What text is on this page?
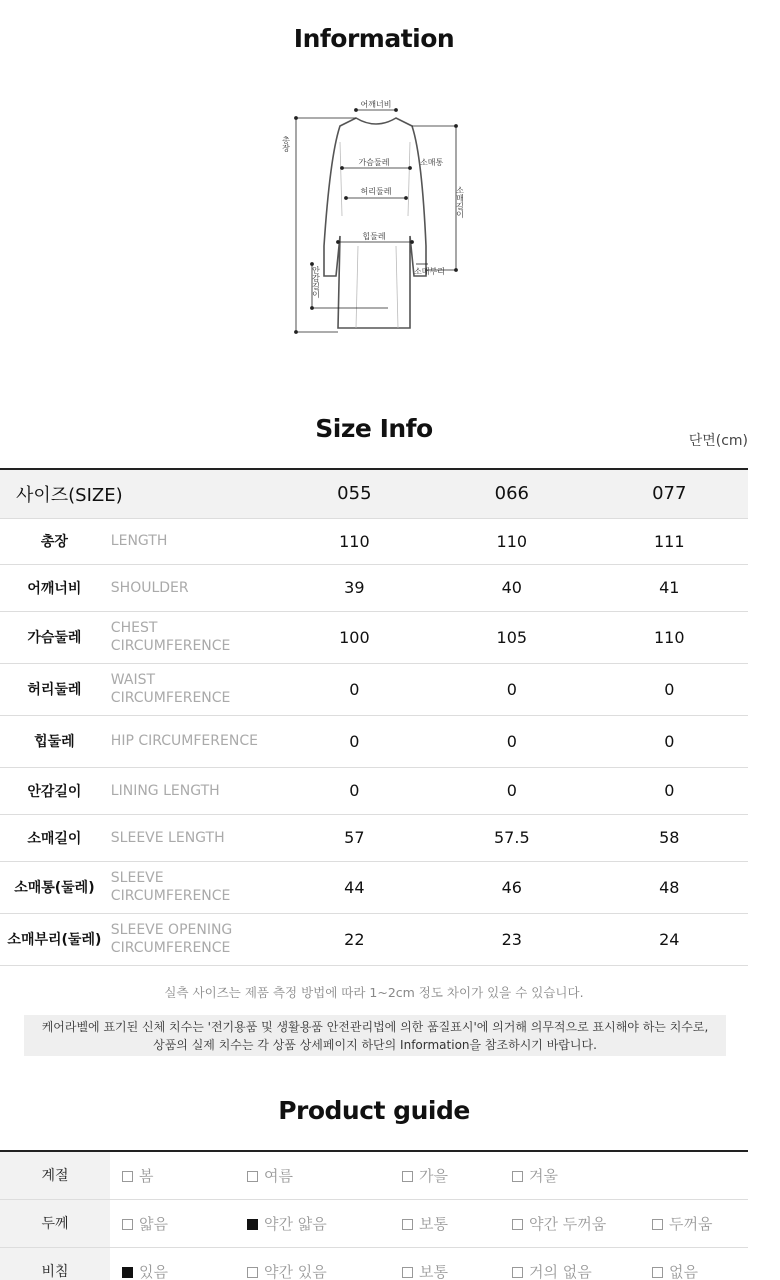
Information
어깨너비
총장
가슴둘레	소매통
허리둘레	소매길이
힙둘레
소매부리
안감길이
Size Info	단면(cm)
사이즈(SIZE)		055	066	077
총장	LENGTH	110	110	111
어깨너비	SHOULDER	39	40	41
가슴둘레	CHEST CIRCUMFERENCE	100	105	110
허리둘레	WAIST CIRCUMFERENCE	0	0	0
힙둘레	HIP CIRCUMFERENCE	0	0	0
안감길이	LINING LENGTH	0	0	0
소매길이	SLEEVE LENGTH	57	57.5	58
소매통(둘레)	SLEEVE CIRCUMFERENCE	44	46	48
소매부리(둘레)	SLEEVE OPENING CIRCUMFERENCE	22	23	24
실측 사이즈는 제품 측정 방법에 따라 1~2cm 정도 차이가 있을 수 있습니다.
케어라벨에 표기된 신체 치수는 '전기용품 및 생활용품 안전관리법에 의한 품질표시'에 의거해 의무적으로 표시해야 하는 치수로,
상품의 실제 치수는 각 상품 상세페이지 하단의 Information을 참조하시기 바랍니다.
Product guide
계절	봄	여름	가을	겨울	
두께	얇음	약간 얇음	보통	약간 두꺼움	두꺼움
비침	있음	약간 있음	보통	거의 없음	없음
